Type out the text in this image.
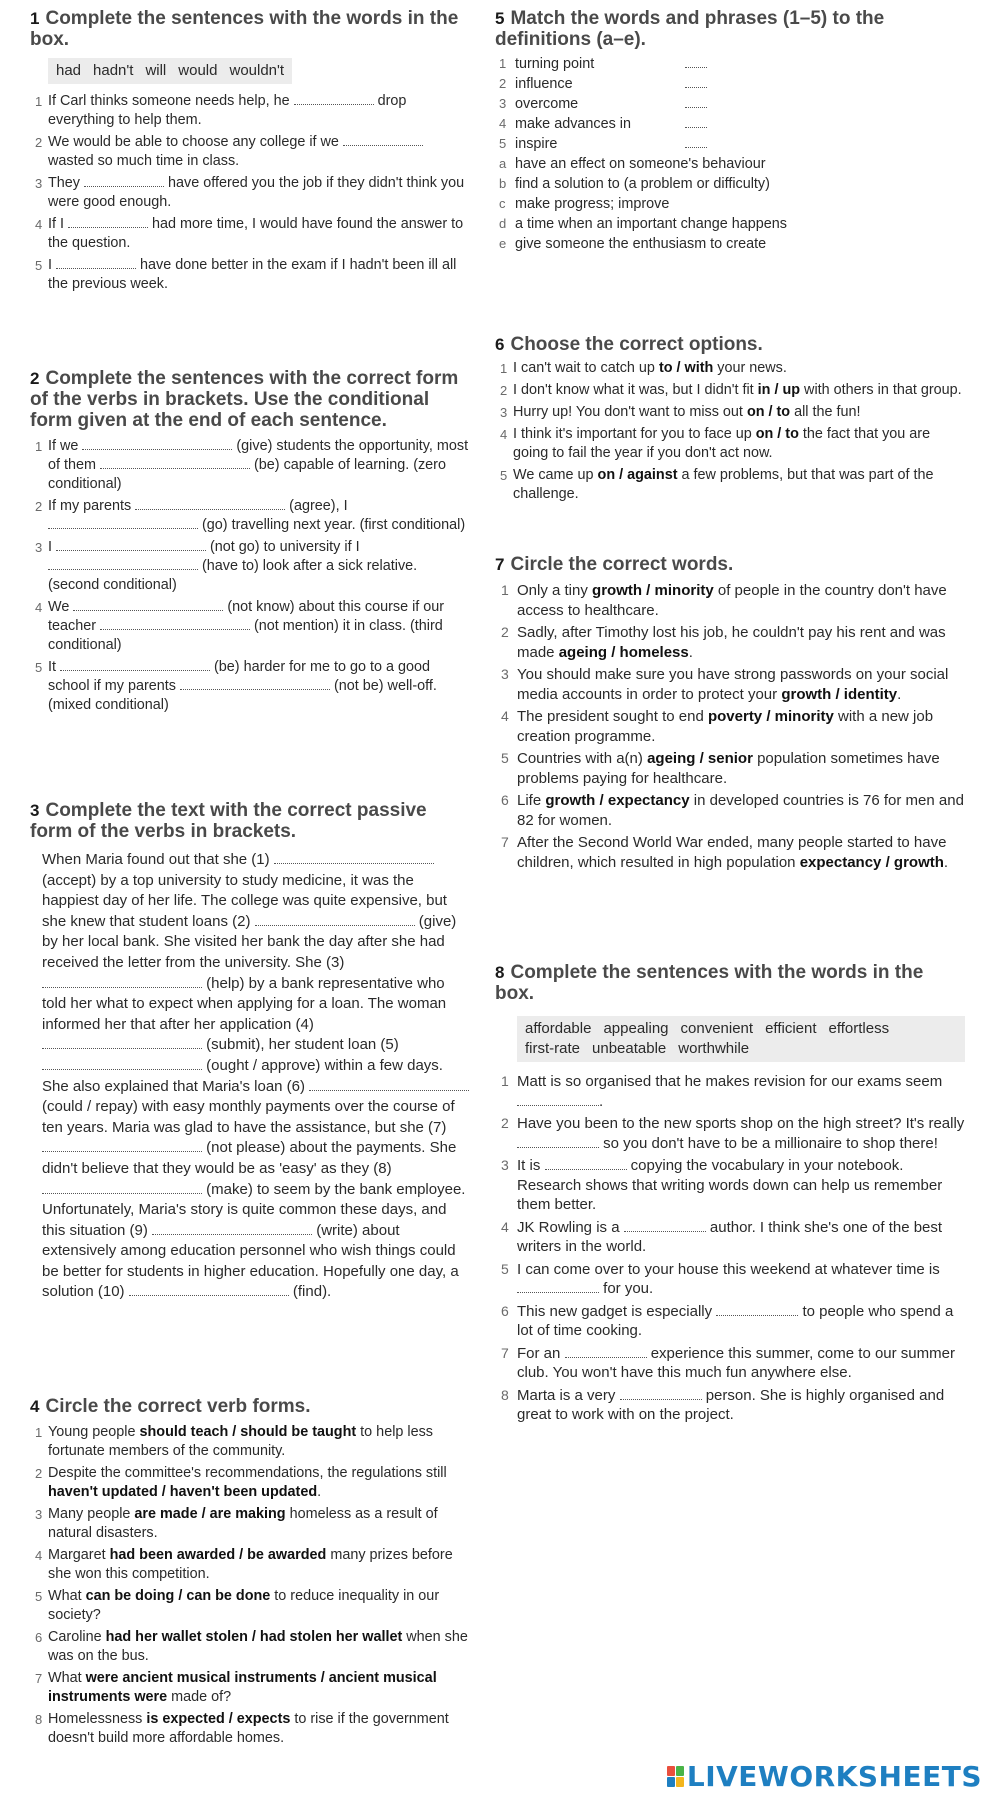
1 Complete the sentences with the words in the box.
had hadn't will would wouldn't
1 If Carl thinks someone needs help, he	drop everything to help them.
2 We would be able to choose any college if we  wasted so much time in class.
3 They	have offered you the job if they didn't think you were good enough.
4 If I	had more time, I would have found the answer to the question.
5 I	have done better in the exam if I hadn't been ill all the previous week.
2 Complete the sentences with the correct form of the verbs in brackets. Use the conditional form given at the end of each sentence.
1 If we	(give) students the opportunity, most of them	(be) capable of learning. (zero conditional)
2 If my parents	(agree), I  (go) travelling next year. (first conditional)
3 I	(not go) to university if I  (have to) look after a sick relative. (second conditional)
4 We	(not know) about this course if our teacher	(not mention) it in class. (third conditional)
5 It	(be) harder for me to go to a good school if my parents	(not be) well-off. (mixed conditional)
3 Complete the text with the correct passive form of the verbs in brackets.
When Maria found out that she (1)  (accept) by a top university to study medicine, it was the happiest day of her life. The college was quite expensive, but she knew that student loans (2)	(give) by her local bank. She visited her bank the day after she had received the letter from the university. She (3)  (help) by a bank representative who told her what to expect when applying for a loan. The woman informed her that after her application (4)  (submit), her student loan (5)  (ought / approve) within a few days. She also explained that Maria's loan (6)  (could / repay) with easy monthly payments over the course of ten years. Maria was glad to have the assistance, but she (7)  (not please) about the payments. She didn't believe that they would be as 'easy' as they (8)  (make) to seem by the bank employee. Unfortunately, Maria's story is quite common these days, and this situation (9)	(write) about extensively among education personnel who wish things could be better for students in higher education. Hopefully one day, a solution (10)	(find).
4 Circle the correct verb forms.
1 Young people should teach / should be taught to help less fortunate members of the community.
2 Despite the committee's recommendations, the regulations still haven't updated / haven't been updated.
3 Many people are made / are making homeless as a result of natural disasters.
4 Margaret had been awarded / be awarded many prizes before she won this competition.
5 What can be doing / can be done to reduce inequality in our society?
6 Caroline had her wallet stolen / had stolen her wallet when she was on the bus.
7 What were ancient musical instruments / ancient musical instruments were made of?
8 Homelessness is expected / expects to rise if the government doesn't build more affordable homes.
5 Match the words and phrases (1–5) to the definitions (a–e).
1 turning point
2 influence
3 overcome
4 make advances in
5 inspire
a have an effect on someone's behaviour
b find a solution to (a problem or difficulty)
c make progress; improve
d a time when an important change happens
e give someone the enthusiasm to create
6 Choose the correct options.
1 I can't wait to catch up to / with your news.
2 I don't know what it was, but I didn't fit in / up with others in that group.
3 Hurry up! You don't want to miss out on / to all the fun!
4 I think it's important for you to face up on / to the fact that you are going to fail the year if you don't act now.
5 We came up on / against a few problems, but that was part of the challenge.
7 Circle the correct words.
1 Only a tiny growth / minority of people in the country don't have access to healthcare.
2 Sadly, after Timothy lost his job, he couldn't pay his rent and was made ageing / homeless.
3 You should make sure you have strong passwords on your social media accounts in order to protect your growth / identity.
4 The president sought to end poverty / minority with a new job creation programme.
5 Countries with a(n) ageing / senior population sometimes have problems paying for healthcare.
6 Life growth / expectancy in developed countries is 76 for men and 82 for women.
7 After the Second World War ended, many people started to have children, which resulted in high population expectancy / growth.
8 Complete the sentences with the words in the box.
affordable appealing convenient efficient effortless
first-rate unbeatable worthwhile
1 Matt is so organised that he makes revision for our exams seem .
2 Have you been to the new sports shop on the high street? It's really  so you don't have to be a millionaire to shop there!
3 It is	copying the vocabulary in your notebook. Research shows that writing words down can help us remember them better.
4 JK Rowling is a	author. I think she's one of the best writers in the world.
5 I can come over to your house this weekend at whatever time is  for you.
6 This new gadget is especially	to people who spend a lot of time cooking.
7 For an	experience this summer, come to our summer club. You won't have this much fun anywhere else.
8 Marta is a very	person. She is highly organised and great to work with on the project.
LIVEWORKSHEETS
